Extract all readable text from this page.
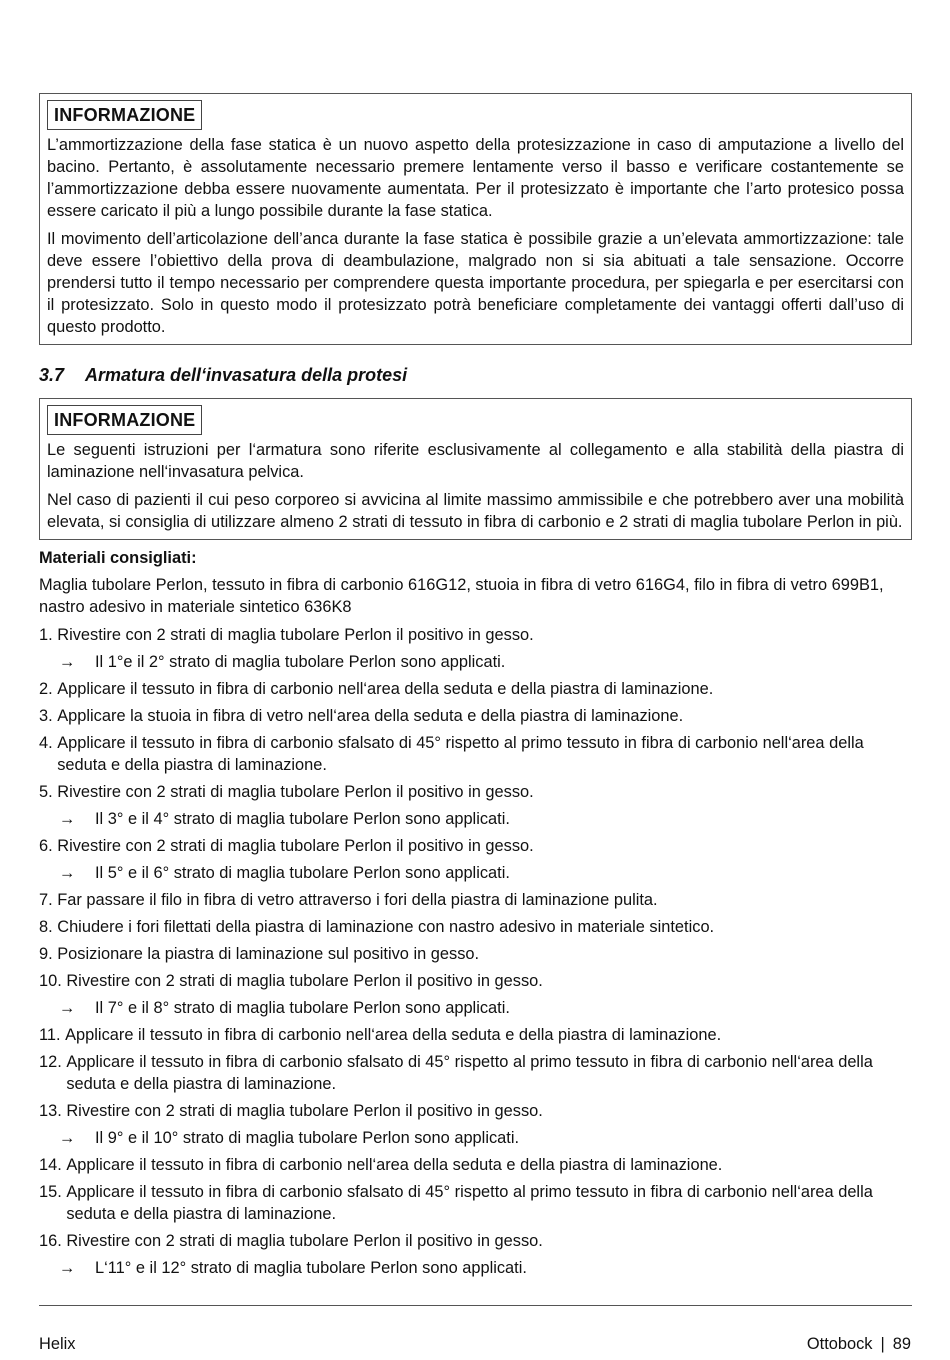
INFORMAZIONE

L’ammortizzazione della fase statica è un nuovo aspetto della protesizzazione in caso di amputazione a livello del bacino. Pertanto, è assolutamente necessario premere lentamente verso il basso e verificare costantemente se l’ammortizzazione debba essere nuovamente aumentata. Per il protesizzato è importante che l’arto protesico possa essere caricato il più a lungo possibile durante la fase statica.

Il movimento dell’articolazione dell’anca durante la fase statica è possibile grazie a un’elevata ammortizzazione: tale deve essere l’obiettivo della prova di deambulazione, malgrado non si sia abituati a tale sensazione. Occorre prendersi tutto il tempo necessario per comprendere questa importante procedura, per spiegarla e per esercitarsi con il protesizzato. Solo in questo modo il protesizzato potrà beneficiare completamente dei vantaggi offerti dall’uso di questo prodotto.

3.7 Armatura dell‘invasatura della protesi
INFORMAZIONE

Le seguenti istruzioni per l‘armatura sono riferite esclusivamente al collegamento e alla stabilità della piastra di laminazione nell‘invasatura pelvica.

Nel caso di pazienti il cui peso corporeo si avvicina al limite massimo ammissibile e che potrebbero aver una mobilità elevata, si consiglia di utilizzare almeno 2 strati di tessuto in fibra di carbonio e 2 strati di maglia tubolare Perlon in più.

Materiali consigliati:

Maglia tubolare Perlon, tessuto in fibra di carbonio 616G12, stuoia in fibra di vetro 616G4, filo in fibra di vetro 699B1, nastro adesivo in materiale sintetico 636K8

1. Rivestire con 2 strati di maglia tubolare Perlon il positivo in gesso.
→	Il 1°e il 2° strato di maglia tubolare Perlon sono applicati.
2. Applicare il tessuto in fibra di carbonio nell‘area della seduta e della piastra di laminazione.
3. Applicare la stuoia in fibra di vetro nell‘area della seduta e della piastra di laminazione.
4. Applicare il tessuto in fibra di carbonio sfalsato di 45° rispetto al primo tessuto in fibra di carbonio nell‘area della seduta e della piastra di laminazione.
5. Rivestire con 2 strati di maglia tubolare Perlon il positivo in gesso.
→	Il 3° e il 4° strato di maglia tubolare Perlon sono applicati.
6. Rivestire con 2 strati di maglia tubolare Perlon il positivo in gesso.
→	Il 5° e il 6° strato di maglia tubolare Perlon sono applicati.
7. Far passare il filo in fibra di vetro attraverso i fori della piastra di laminazione pulita.
8. Chiudere i fori filettati della piastra di laminazione con nastro adesivo in materiale sintetico.
9. Posizionare la piastra di laminazione sul positivo in gesso.
10. Rivestire con 2 strati di maglia tubolare Perlon il positivo in gesso.
→	Il 7° e il 8° strato di maglia tubolare Perlon sono applicati.
11. Applicare il tessuto in fibra di carbonio nell‘area della seduta e della piastra di laminazione.
12. Applicare il tessuto in fibra di carbonio sfalsato di 45° rispetto al primo tessuto in fibra di carbonio nell‘area della seduta e della piastra di laminazione.
13. Rivestire con 2 strati di maglia tubolare Perlon il positivo in gesso.
→	Il 9° e il 10° strato di maglia tubolare Perlon sono applicati.
14. Applicare il tessuto in fibra di carbonio nell‘area della seduta e della piastra di laminazione.
15. Applicare il tessuto in fibra di carbonio sfalsato di 45° rispetto al primo tessuto in fibra di carbonio nell‘area della seduta e della piastra di laminazione.
16. Rivestire con 2 strati di maglia tubolare Perlon il positivo in gesso.
→	L‘11° e il 12° strato di maglia tubolare Perlon sono applicati.
Helix	Ottobock | 89
